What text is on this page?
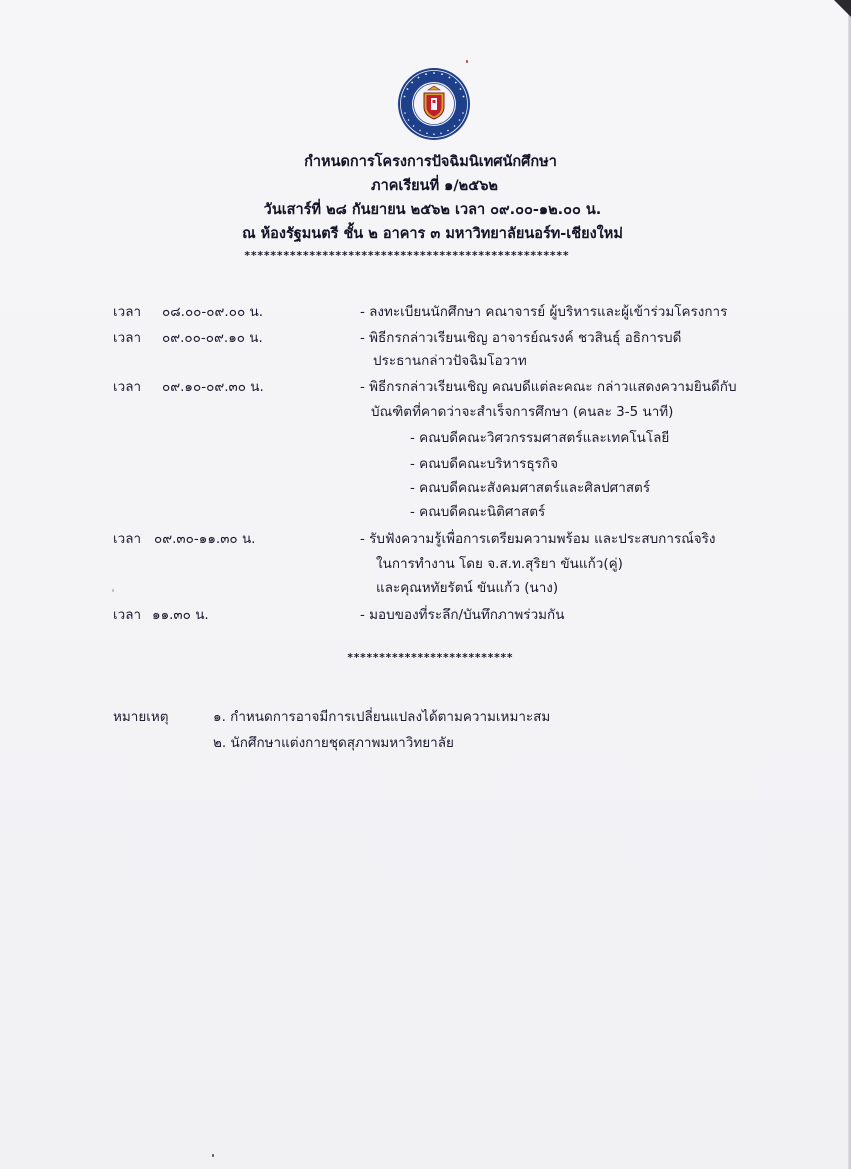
กำหนดการโครงการปัจฉิมนิเทศนักศึกษา
ภาคเรียนที่ ๑/๒๕๖๒
วันเสาร์ที่ ๒๘ กันยายน ๒๕๖๒ เวลา ๐๙.๐๐-๑๒.๐๐ น.
ณ ห้องรัฐมนตรี ชั้น ๒ อาคาร ๓ มหาวิทยาลัยนอร์ท-เชียงใหม่
**************************************************
เวลา ๐๘.๐๐-๐๙.๐๐ น.	- ลงทะเบียนนักศึกษา คณาจารย์ ผู้บริหารและผู้เข้าร่วมโครงการ
เวลา ๐๙.๐๐-๐๙.๑๐ น.	- พิธีกรกล่าวเรียนเชิญ อาจารย์ณรงค์ ชวสินธุ์ อธิการบดี
ประธานกล่าวปัจฉิมโอวาท
เวลา ๐๙.๑๐-๐๙.๓๐ น.	- พิธีกรกล่าวเรียนเชิญ คณบดีแต่ละคณะ กล่าวแสดงความยินดีกับ
บัณฑิตที่คาดว่าจะสำเร็จการศึกษา (คนละ 3-5 นาที)
- คณบดีคณะวิศวกรรมศาสตร์และเทคโนโลยี
- คณบดีคณะบริหารธุรกิจ
- คณบดีคณะสังคมศาสตร์และศิลปศาสตร์
- คณบดีคณะนิติศาสตร์
เวลา ๐๙.๓๐-๑๑.๓๐ น.	- รับฟังความรู้เพื่อการเตรียมความพร้อม และประสบการณ์จริง
ในการทำงาน โดย จ.ส.ท.สุริยา ขันแก้ว(คู่)
และคุณหทัยรัตน์ ขันแก้ว (นาง)
เวลา ๑๑.๓๐ น.	- มอบของที่ระลึก/บันทึกภาพร่วมกัน
**************************
หมายเหตุ	๑. กำหนดการอาจมีการเปลี่ยนแปลงได้ตามความเหมาะสม
๒. นักศึกษาแต่งกายชุดสุภาพมหาวิทยาลัย
